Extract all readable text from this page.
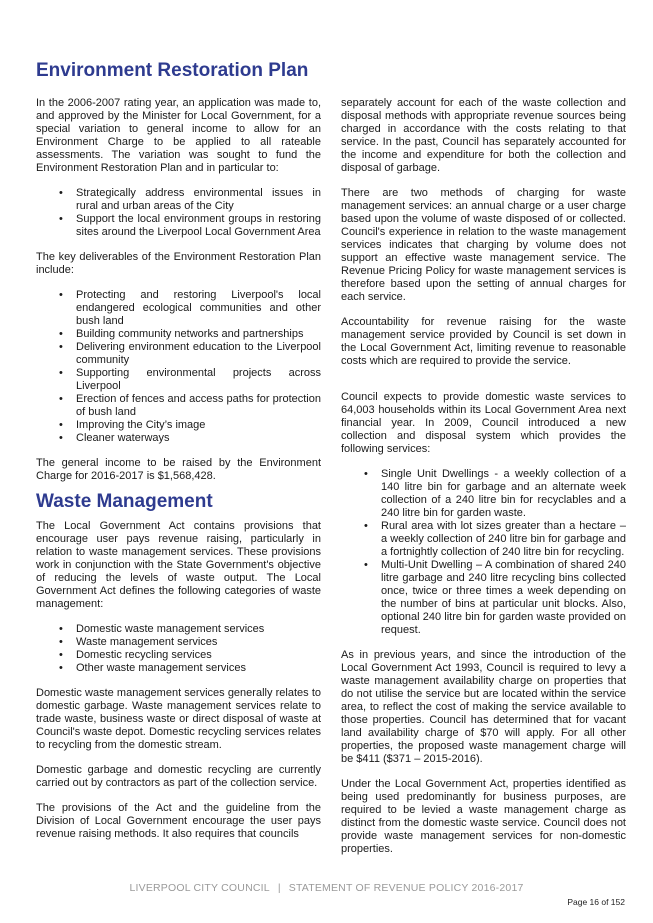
Environment Restoration Plan

In the 2006-2007 rating year, an application was made to, and approved by the Minister for Local Government, for a special variation to general income to allow for an Environment Charge to be applied to all rateable assessments. The variation was sought to fund the Environment Restoration Plan and in particular to:

• Strategically address environmental issues in rural and urban areas of the City
• Support the local environment groups in restoring sites around the Liverpool Local Government Area

The key deliverables of the Environment Restoration Plan include:

• Protecting and restoring Liverpool's local endangered ecological communities and other bush land
• Building community networks and partnerships
• Delivering environment education to the Liverpool community
• Supporting environmental projects across Liverpool
• Erection of fences and access paths for protection of bush land
• Improving the City’s image
• Cleaner waterways

The general income to be raised by the Environment Charge for 2016-2017 is $1,568,428.

Waste Management

The Local Government Act contains provisions that encourage user pays revenue raising, particularly in relation to waste management services. These provisions work in conjunction with the State Government's objective of reducing the levels of waste output. The Local Government Act defines the following categories of waste management:

• Domestic waste management services
• Waste management services
• Domestic recycling services
• Other waste management services

Domestic waste management services generally relates to domestic garbage. Waste management services relate to trade waste, business waste or direct disposal of waste at Council's waste depot. Domestic recycling services relates to recycling from the domestic stream.

Domestic garbage and domestic recycling are currently carried out by contractors as part of the collection service.

The provisions of the Act and the guideline from the Division of Local Government encourage the user pays revenue raising methods. It also requires that councils

separately account for each of the waste collection and disposal methods with appropriate revenue sources being charged in accordance with the costs relating to that service. In the past, Council has separately accounted for the income and expenditure for both the collection and disposal of garbage.

There are two methods of charging for waste management services: an annual charge or a user charge based upon the volume of waste disposed of or collected. Council's experience in relation to the waste management services indicates that charging by volume does not support an effective waste management service. The Revenue Pricing Policy for waste management services is therefore based upon the setting of annual charges for each service.

Accountability for revenue raising for the waste management service provided by Council is set down in the Local Government Act, limiting revenue to reasonable costs which are required to provide the service.

Council expects to provide domestic waste services to 64,003 households within its Local Government Area next financial year. In 2009, Council introduced a new collection and disposal system which provides the following services:

• Single Unit Dwellings - a weekly collection of a 140 litre bin for garbage and an alternate week collection of a 240 litre bin for recyclables and a 240 litre bin for garden waste.
• Rural area with lot sizes greater than a hectare – a weekly collection of 240 litre bin for garbage and a fortnightly collection of 240 litre bin for recycling.
• Multi-Unit Dwelling – A combination of shared 240 litre garbage and 240 litre recycling bins collected once, twice or three times a week depending on the number of bins at particular unit blocks. Also, optional 240 litre bin for garden waste provided on request.

As in previous years, and since the introduction of the Local Government Act 1993, Council is required to levy a waste management availability charge on properties that do not utilise the service but are located within the service area, to reflect the cost of making the service available to those properties. Council has determined that for vacant land availability charge of $70 will apply. For all other properties, the proposed waste management charge will be $411 ($371 – 2015-2016).

Under the Local Government Act, properties identified as being used predominantly for business purposes, are required to be levied a waste management charge as distinct from the domestic waste service. Council does not provide waste management services for non-domestic properties.

LIVERPOOL CITY COUNCIL | STATEMENT OF REVENUE POLICY 2016-2017
Page 16 of 152
